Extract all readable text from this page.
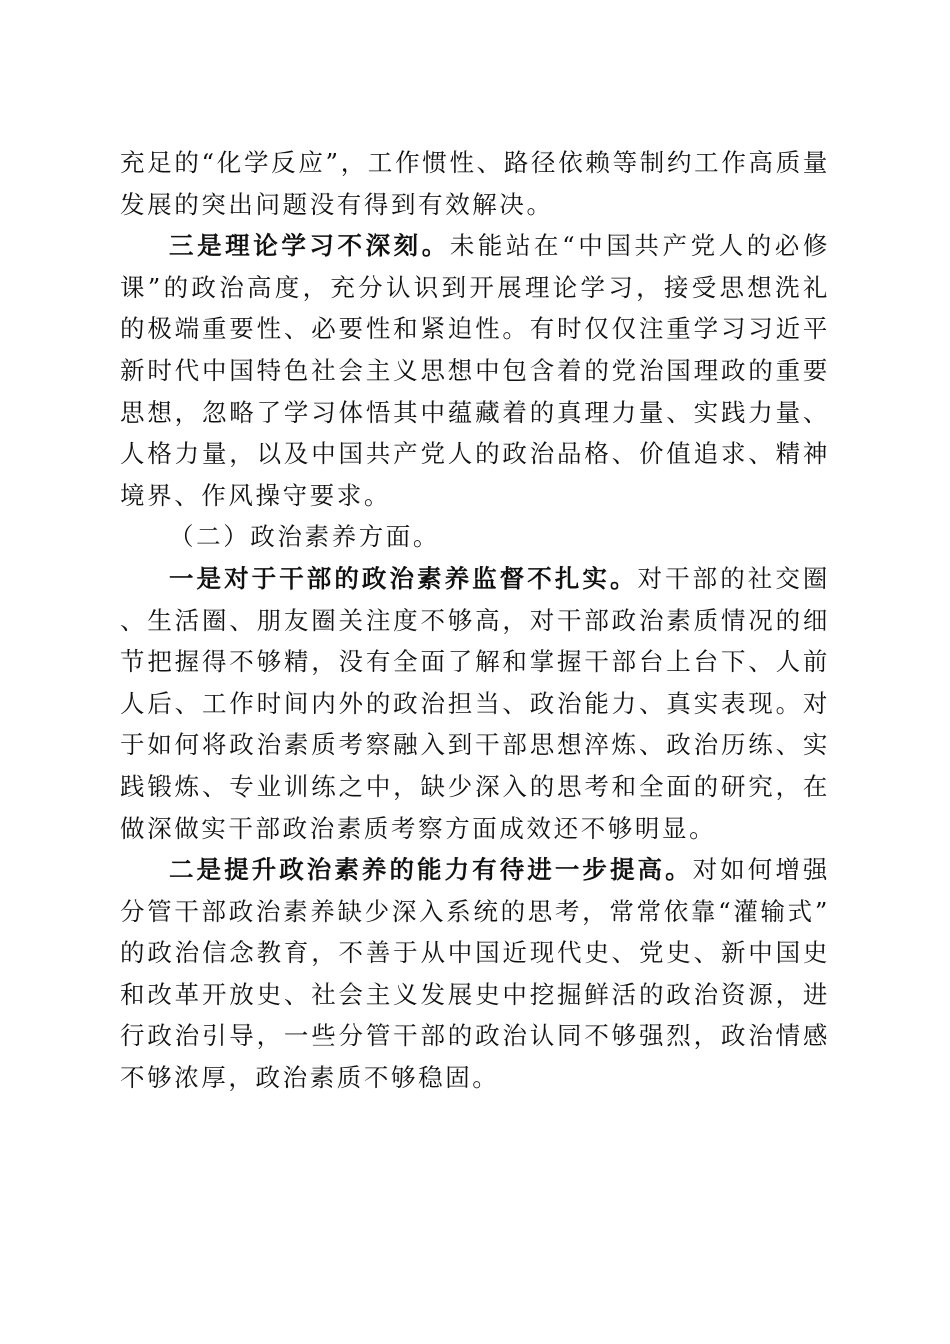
充足的“化学反应”，工作惯性、路径依赖等制约工作高质量发展的突出问题没有得到有效解决。

三是理论学习不深刻。未能站在“中国共产党人的必修课”的政治高度，充分认识到开展理论学习，接受思想洗礼的极端重要性、必要性和紧迫性。有时仅仅注重学习习近平新时代中国特色社会主义思想中包含着的党治国理政的重要思想，忽略了学习体悟其中蕴藏着的真理力量、实践力量、人格力量，以及中国共产党人的政治品格、价值追求、精神境界、作风操守要求。

（二）政治素养方面。

一是对于干部的政治素养监督不扎实。对干部的社交圈、生活圈、朋友圈关注度不够高，对干部政治素质情况的细节把握得不够精，没有全面了解和掌握干部台上台下、人前人后、工作时间内外的政治担当、政治能力、真实表现。对于如何将政治素质考察融入到干部思想淬炼、政治历练、实践锻炼、专业训练之中，缺少深入的思考和全面的研究，在做深做实干部政治素质考察方面成效还不够明显。

二是提升政治素养的能力有待进一步提高。对如何增强分管干部政治素养缺少深入系统的思考，常常依靠“灌输式”的政治信念教育，不善于从中国近现代史、党史、新中国史和改革开放史、社会主义发展史中挖掘鲜活的政治资源，进行政治引导，一些分管干部的政治认同不够强烈，政治情感不够浓厚，政治素质不够稳固。
